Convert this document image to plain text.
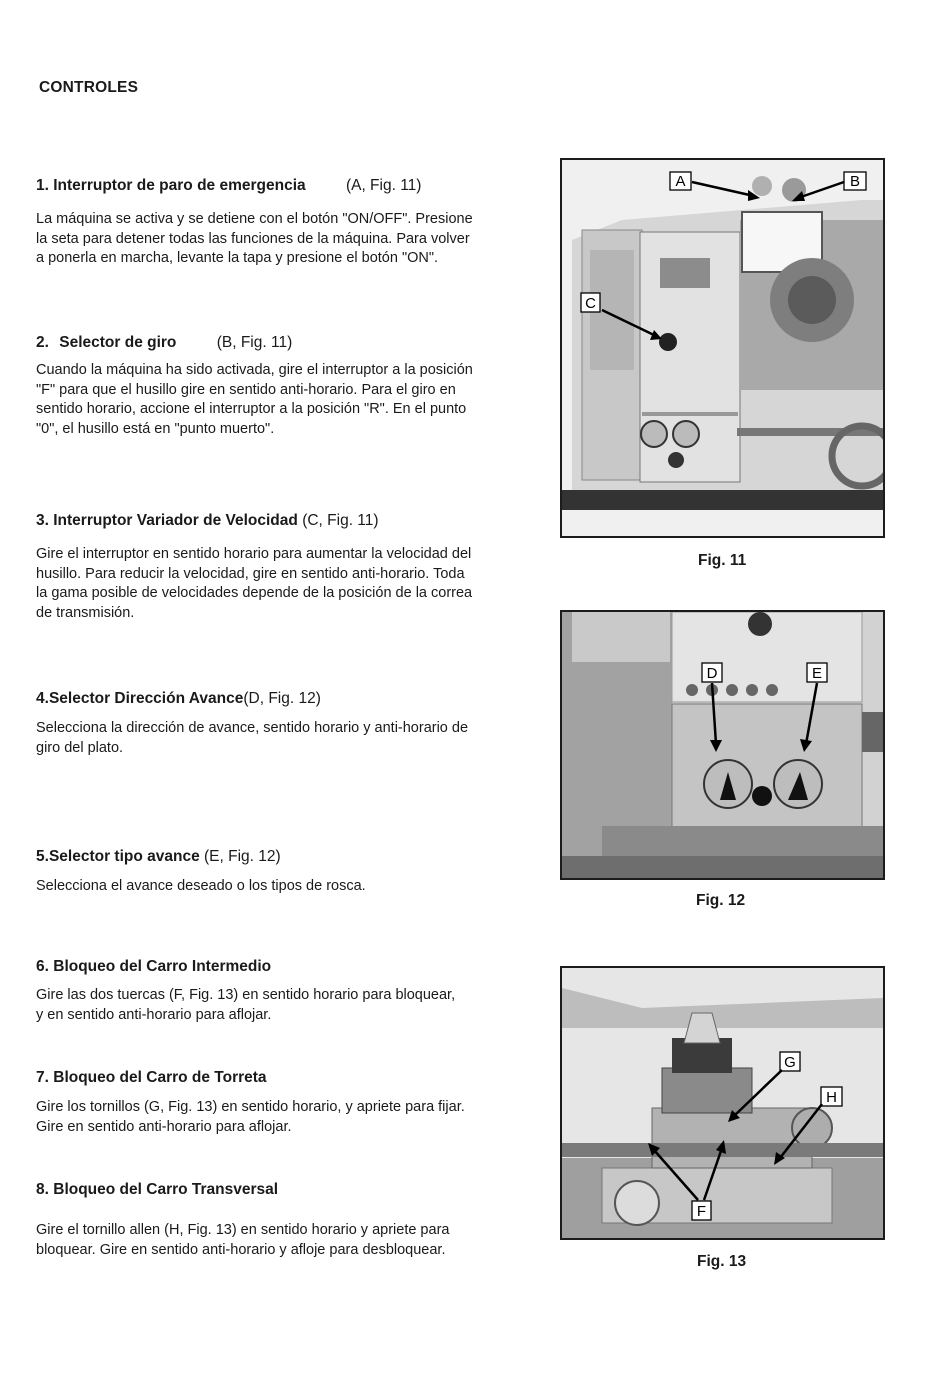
CONTROLES
1. Interruptor de paro de emergencia	(A, Fig. 11)

La máquina se activa y se detiene con el botón "ON/OFF". Presione
la seta para detener todas las funciones de la máquina. Para volver
a ponerla en marcha, levante la tapa y presione el botón "ON".

2. Selector de giro	(B, Fig. 11)

Cuando la máquina ha sido activada, gire el interruptor a la posición
"F" para que el husillo gire en sentido anti-horario. Para el giro en
sentido horario, accione el interruptor a la posición "R". En el punto
"0", el husillo está en "punto muerto".

3. Interruptor Variador de Velocidad (C, Fig. 11)

Gire el interruptor en sentido horario para aumentar la velocidad del
husillo. Para reducir la velocidad, gire en sentido anti-horario. Toda
la gama posible de velocidades depende de la posición de la correa
de transmisión.

4.Selector Dirección Avance(D, Fig. 12)

Selecciona la dirección de avance, sentido horario y anti-horario de
giro del plato.

5.Selector tipo avance (E, Fig. 12)

Selecciona el avance deseado o los tipos de rosca.

6. Bloqueo del Carro Intermedio

Gire las dos tuercas (F, Fig. 13) en sentido horario para bloquear,
y en sentido anti-horario para aflojar.

7. Bloqueo del Carro de Torreta

Gire los tornillos (G, Fig. 13) en sentido horario, y apriete para fijar.
Gire en sentido anti-horario para aflojar.

8. Bloqueo del Carro Transversal

Gire el tornillo allen (H, Fig. 13) en sentido horario y apriete para
bloquear. Gire en sentido anti-horario y afloje para desbloquear.

A	B
C
Fig. 11
D	E
Fig. 12
G
H
F
Fig. 13
